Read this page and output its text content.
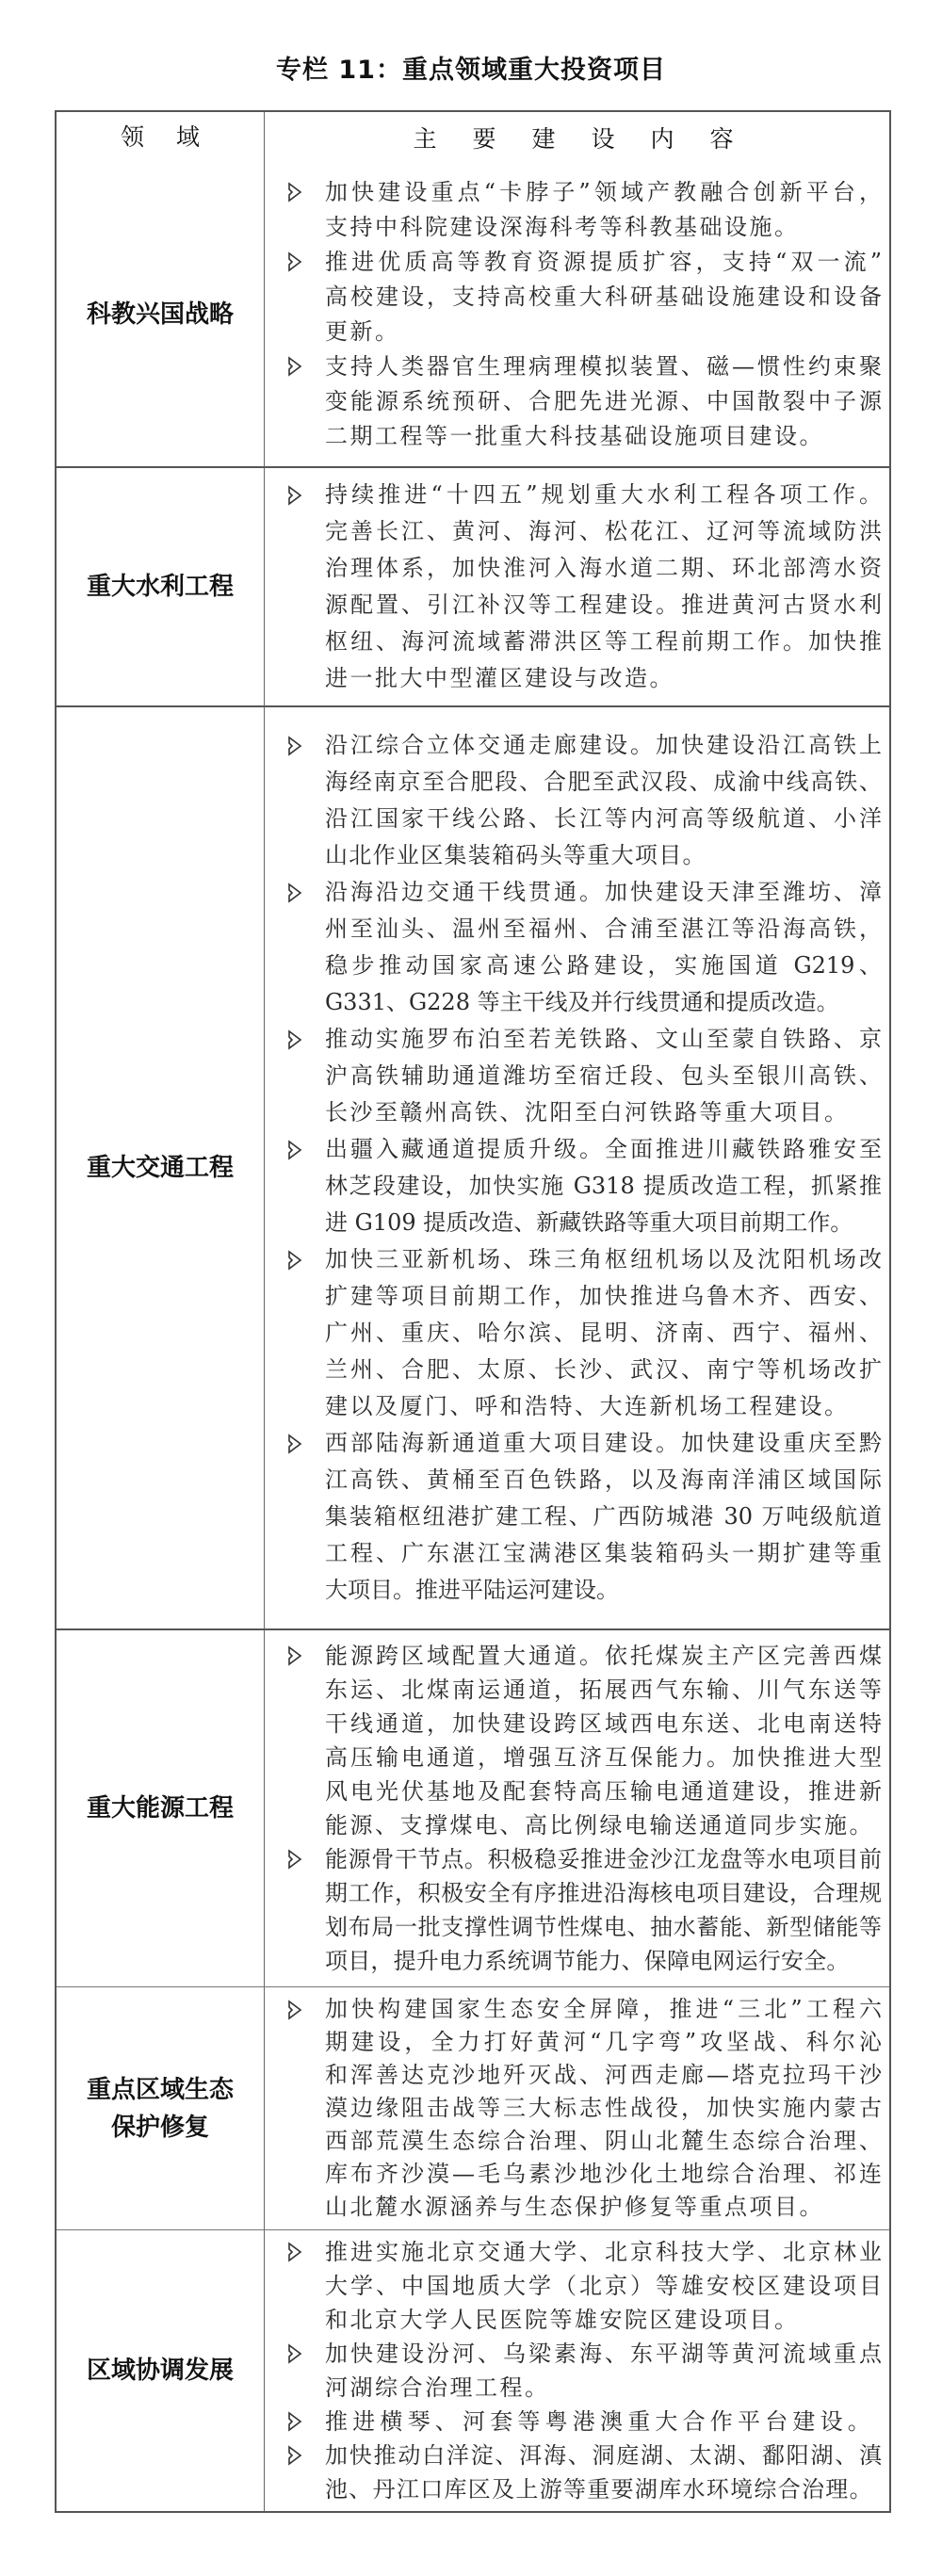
专栏 11：重点领域重大投资项目
领域	主要建设内容
科教兴国战略
加快建设重点“卡脖子”领域产教融合创新平台，
支持中科院建设深海科考等科教基础设施。
推进优质高等教育资源提质扩容，支持“双一流”
高校建设，支持高校重大科研基础设施建设和设备
更新。
支持人类器官生理病理模拟装置、磁—惯性约束聚
变能源系统预研、合肥先进光源、中国散裂中子源
二期工程等一批重大科技基础设施项目建设。
重大水利工程
持续推进“十四五”规划重大水利工程各项工作。
完善长江、黄河、海河、松花江、辽河等流域防洪
治理体系，加快淮河入海水道二期、环北部湾水资
源配置、引江补汉等工程建设。推进黄河古贤水利
枢纽、海河流域蓄滞洪区等工程前期工作。加快推
进一批大中型灌区建设与改造。
重大交通工程
沿江综合立体交通走廊建设。加快建设沿江高铁上
海经南京至合肥段、合肥至武汉段、成渝中线高铁、
沿江国家干线公路、长江等内河高等级航道、小洋
山北作业区集装箱码头等重大项目。
沿海沿边交通干线贯通。加快建设天津至潍坊、漳
州至汕头、温州至福州、合浦至湛江等沿海高铁，
稳步推动国家高速公路建设，实施国道 G219、
G331、G228 等主干线及并行线贯通和提质改造。
推动实施罗布泊至若羌铁路、文山至蒙自铁路、京
沪高铁辅助通道潍坊至宿迁段、包头至银川高铁、
长沙至赣州高铁、沈阳至白河铁路等重大项目。
出疆入藏通道提质升级。全面推进川藏铁路雅安至
林芝段建设，加快实施 G318 提质改造工程，抓紧推
进 G109 提质改造、新藏铁路等重大项目前期工作。
加快三亚新机场、珠三角枢纽机场以及沈阳机场改
扩建等项目前期工作，加快推进乌鲁木齐、西安、
广州、重庆、哈尔滨、昆明、济南、西宁、福州、
兰州、合肥、太原、长沙、武汉、南宁等机场改扩
建以及厦门、呼和浩特、大连新机场工程建设。
西部陆海新通道重大项目建设。加快建设重庆至黔
江高铁、黄桶至百色铁路，以及海南洋浦区域国际
集装箱枢纽港扩建工程、广西防城港 30 万吨级航道
工程、广东湛江宝满港区集装箱码头一期扩建等重
大项目。推进平陆运河建设。
重大能源工程
能源跨区域配置大通道。依托煤炭主产区完善西煤
东运、北煤南运通道，拓展西气东输、川气东送等
干线通道，加快建设跨区域西电东送、北电南送特
高压输电通道，增强互济互保能力。加快推进大型
风电光伏基地及配套特高压输电通道建设，推进新
能源、支撑煤电、高比例绿电输送通道同步实施。
能源骨干节点。积极稳妥推进金沙江龙盘等水电项目前
期工作，积极安全有序推进沿海核电项目建设，合理规
划布局一批支撑性调节性煤电、抽水蓄能、新型储能等
项目，提升电力系统调节能力、保障电网运行安全。
重点区域生态
保护修复
加快构建国家生态安全屏障，推进“三北”工程六
期建设，全力打好黄河“几字弯”攻坚战、科尔沁
和浑善达克沙地歼灭战、河西走廊—塔克拉玛干沙
漠边缘阻击战等三大标志性战役，加快实施内蒙古
西部荒漠生态综合治理、阴山北麓生态综合治理、
库布齐沙漠—毛乌素沙地沙化土地综合治理、祁连
山北麓水源涵养与生态保护修复等重点项目。
区域协调发展
推进实施北京交通大学、北京科技大学、北京林业
大学、中国地质大学（北京）等雄安校区建设项目
和北京大学人民医院等雄安院区建设项目。
加快建设汾河、乌梁素海、东平湖等黄河流域重点
河湖综合治理工程。
推进横琴、河套等粤港澳重大合作平台建设。
加快推动白洋淀、洱海、洞庭湖、太湖、鄱阳湖、滇
池、丹江口库区及上游等重要湖库水环境综合治理。
